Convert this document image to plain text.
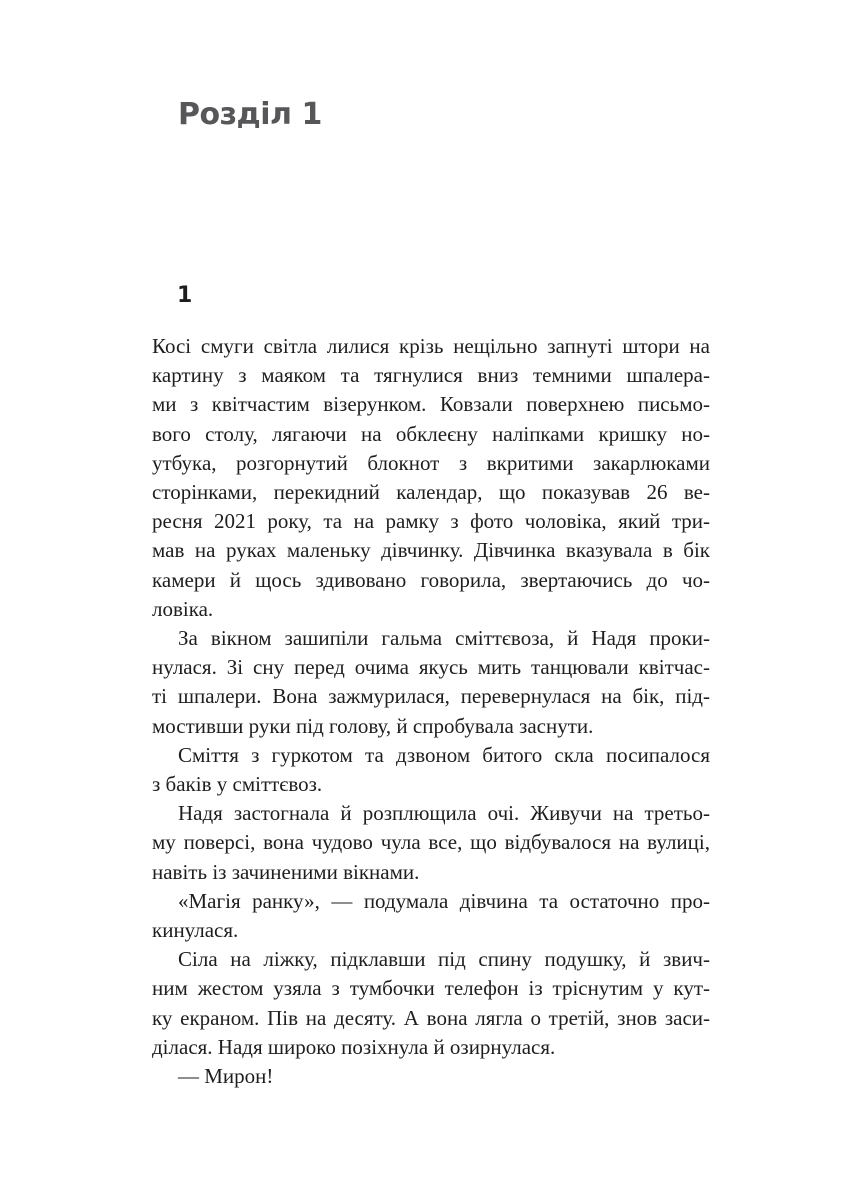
Розділ 1
1
Косі смуги світла лилися крізь нещільно запнуті штори на
картину з маяком та тягнулися вниз темними шпалера-
ми з квітчастим візерунком. Ковзали поверхнею письмо-
вого столу, лягаючи на обклеєну наліпками кришку но-
утбука, розгорнутий блокнот з вкритими закарлюками
сторінками, перекидний календар, що показував 26 ве-
ресня 2021 року, та на рамку з фото чоловіка, який три-
мав на руках маленьку дівчинку. Дівчинка вказувала в бік
камери й щось здивовано говорила, звертаючись до чо-
ловіка.
За вікном зашипіли гальма сміттєвоза, й Надя проки-
нулася. Зі сну перед очима якусь мить танцювали квітчас-
ті шпалери. Вона зажмурилася, перевернулася на бік, під-
мостивши руки під голову, й спробувала заснути.
Сміття з гуркотом та дзвоном битого скла посипалося
з баків у сміттєвоз.
Надя застогнала й розплющила очі. Живучи на третьо-
му поверсі, вона чудово чула все, що відбувалося на вулиці,
навіть із зачиненими вікнами.
«Магія ранку», — подумала дівчина та остаточно про-
кинулася.
Сіла на ліжку, підклавши під спину подушку, й звич-
ним жестом узяла з тумбочки телефон із тріснутим у кут-
ку екраном. Пів на десяту. А вона лягла о третій, знов заси-
ділася. Надя широко позіхнула й озирнулася.
— Мирон!
